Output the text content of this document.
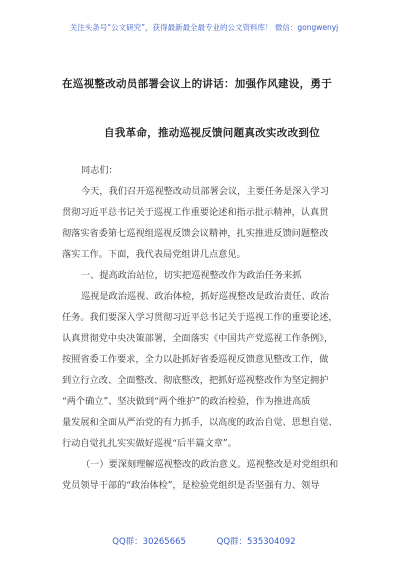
关注头条号“公文研究”，获得最新最全最专业的公文资料库！ 微信：gongwenyj
在巡视整改动员部署会议上的讲话：加强作风建设，勇于
自我革命，推动巡视反馈问题真改实改改到位
同志们：
今天，我们召开巡视整改动员部署会议，主要任务是深入学习
贯彻习近平总书记关于巡视工作重要论述和指示批示精神，认真贯
彻落实省委第七巡视组巡视反馈会议精神，扎实推进反馈问题整改
落实工作。下面，我代表局党组讲几点意见。
一、提高政治站位，切实把巡视整改作为政治任务来抓
巡视是政治巡视、政治体检，抓好巡视整改是政治责任、政治
任务。我们要深入学习贯彻习近平总书记关于巡视工作的重要论述，
认真贯彻党中央决策部署，全面落实《中国共产党巡视工作条例》，
按照省委工作要求，全力以赴抓好省委巡视反馈意见整改工作，做
到立行立改、全面整改、彻底整改，把抓好巡视整改作为坚定拥护
“两个确立”、坚决做到“两个维护”的政治检验，作为推进高质
量发展和全面从严治党的有力抓手，以高度的政治自觉、思想自觉、
行动自觉扎扎实实做好巡视“后半篇文章”。
（一）要深刻理解巡视整改的政治意义。巡视整改是对党组织和
党员领导干部的“政治体检”，是检验党组织是否坚强有力、领导
QQ群：30265665	QQ群：535304092
